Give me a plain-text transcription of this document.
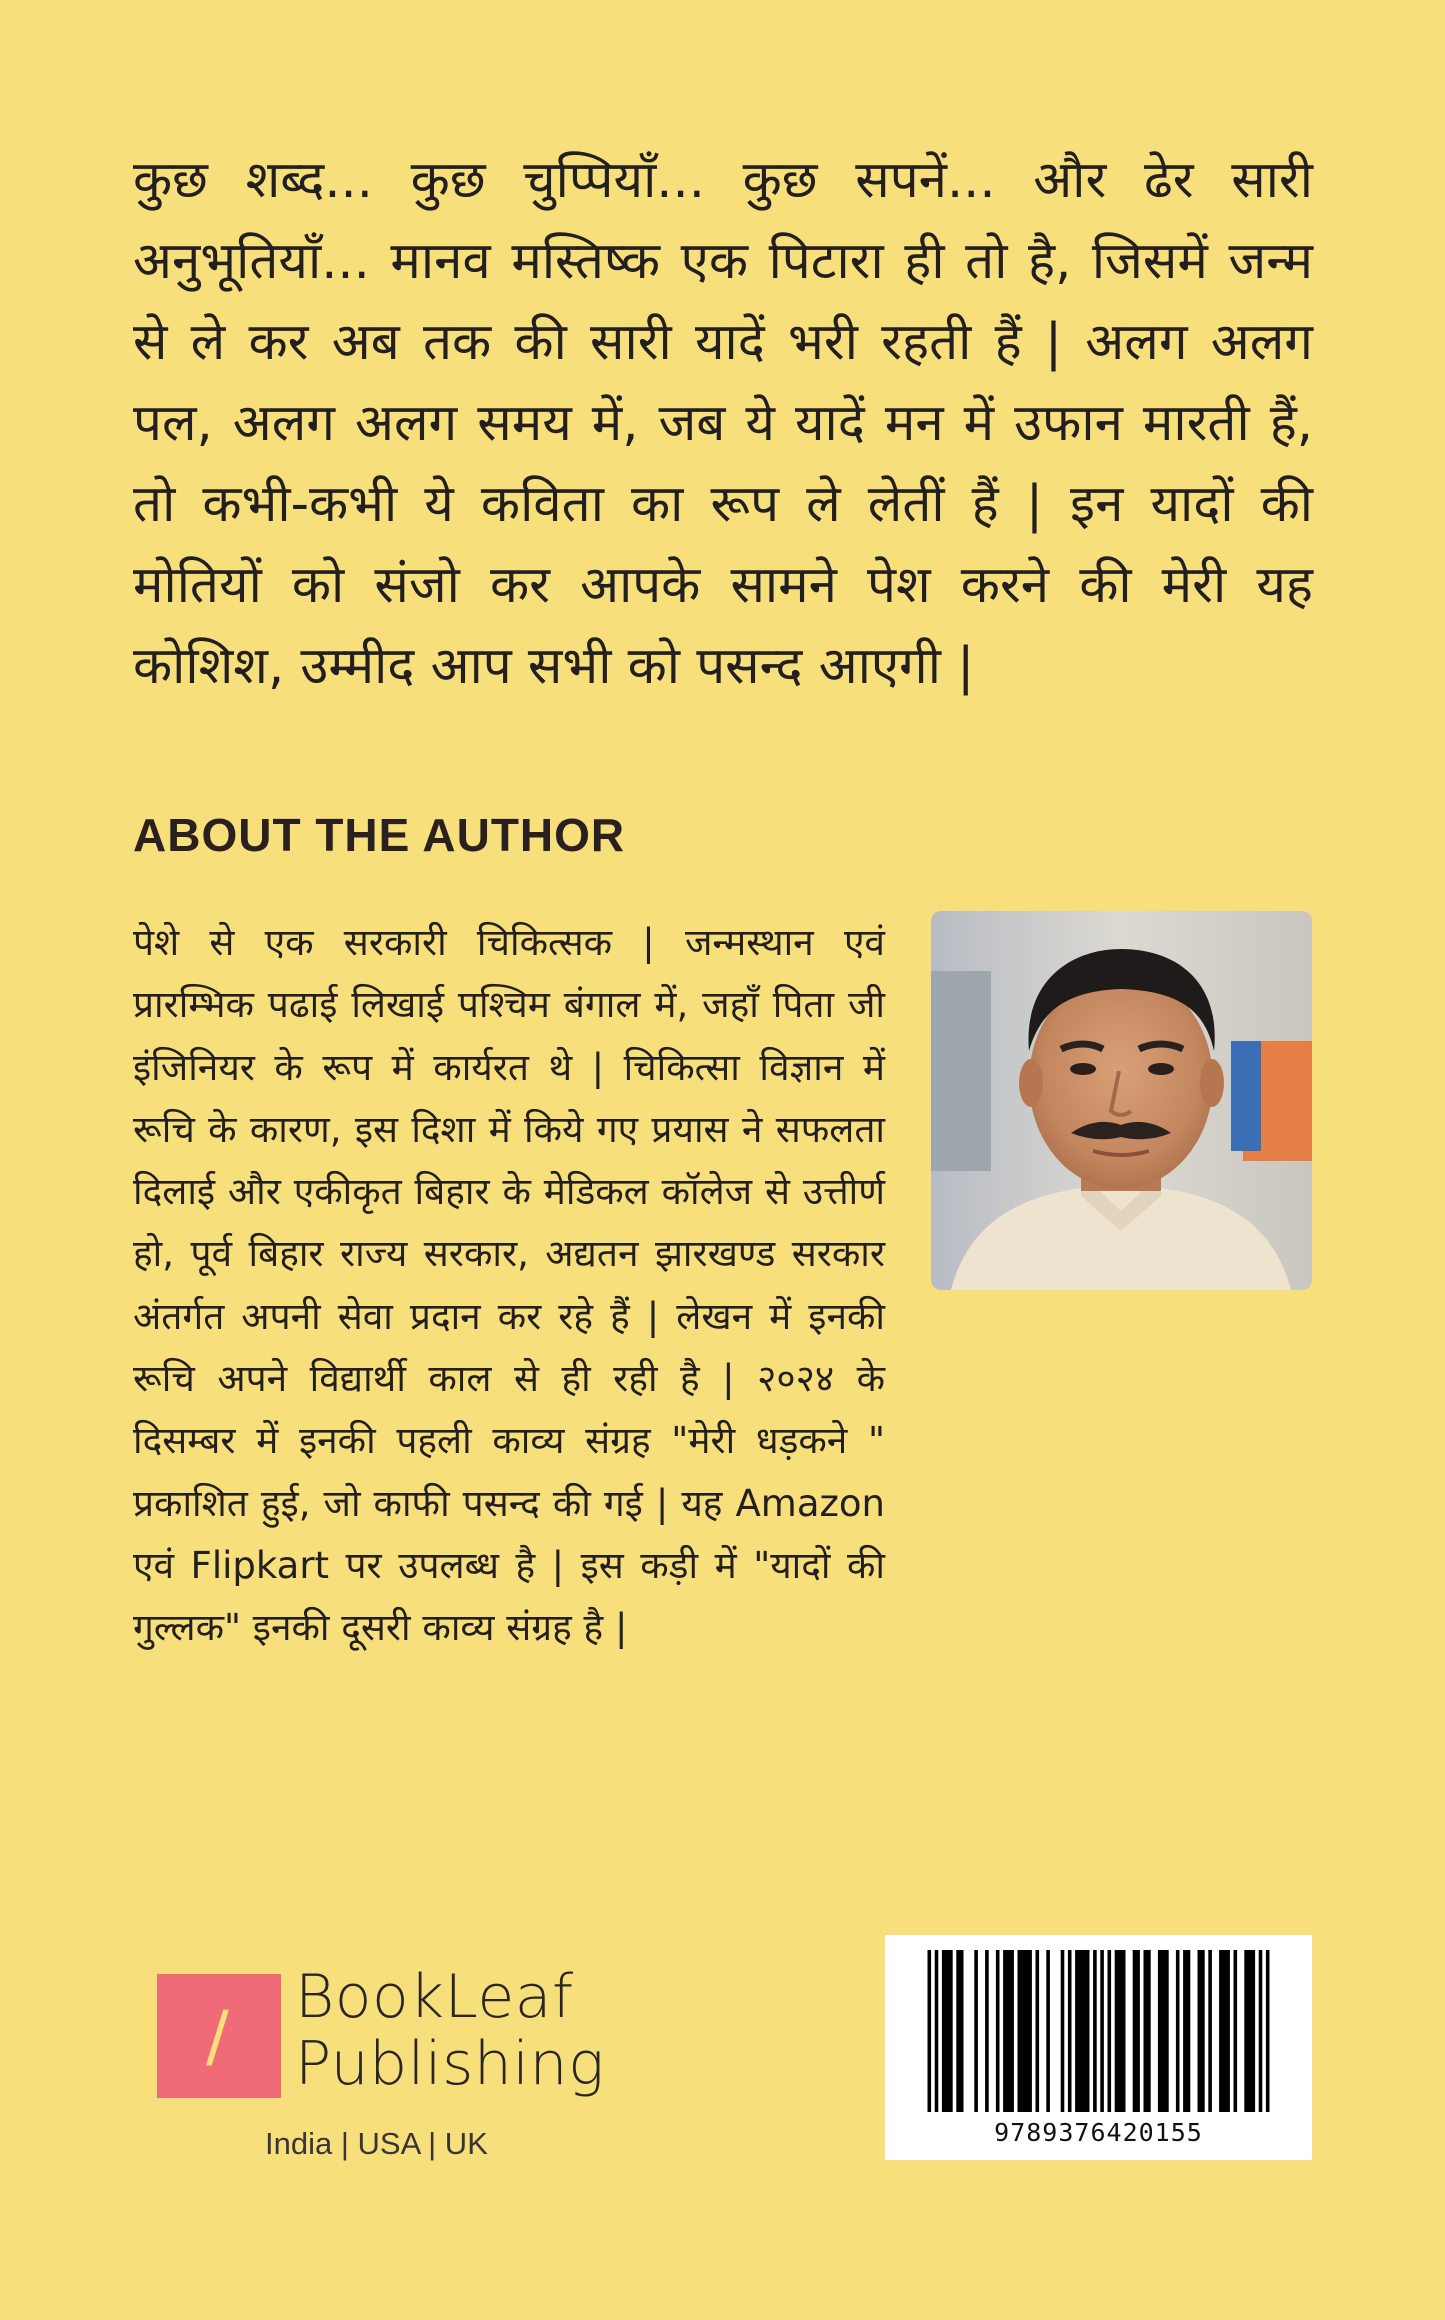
कुछ शब्द... कुछ चुप्पियाँ... कुछ सपनें... और ढेर सारी अनुभूतियाँ... मानव मस्तिष्क एक पिटारा ही तो है, जिसमें जन्म से ले कर अब तक की सारी यादें भरी रहती हैं | अलग अलग पल, अलग अलग समय में, जब ये यादें मन में उफान मारती हैं, तो कभी-कभी ये कविता का रूप ले लेतीं हैं | इन यादों की मोतियों को संजो कर आपके सामने पेश करने की मेरी यह कोशिश, उम्मीद आप सभी को पसन्द आएगी |

ABOUT THE AUTHOR

पेशे से एक सरकारी चिकित्सक | जन्मस्थान एवं प्रारम्भिक पढाई लिखाई पश्चिम बंगाल में, जहाँ पिता जी इंजिनियर के रूप में कार्यरत थे | चिकित्सा विज्ञान में रूचि के कारण, इस दिशा में किये गए प्रयास ने सफलता दिलाई और एकीकृत बिहार के मेडिकल कॉलेज से उत्तीर्ण हो, पूर्व बिहार राज्य सरकार, अद्यतन झारखण्ड सरकार अंतर्गत अपनी सेवा प्रदान कर रहे हैं | लेखन में इनकी रूचि अपने विद्यार्थी काल से ही रही है | २०२४ के दिसम्बर में इनकी पहली काव्य संग्रह "मेरी धड़कने " प्रकाशित हुई, जो काफी पसन्द की गई | यह Amazon एवं Flipkart पर उपलब्ध है | इस कड़ी में "यादों की गुल्लक" इनकी दूसरी काव्य संग्रह है |

/ BookLeaf
Publishing
India | USA | UK	9789376420155
